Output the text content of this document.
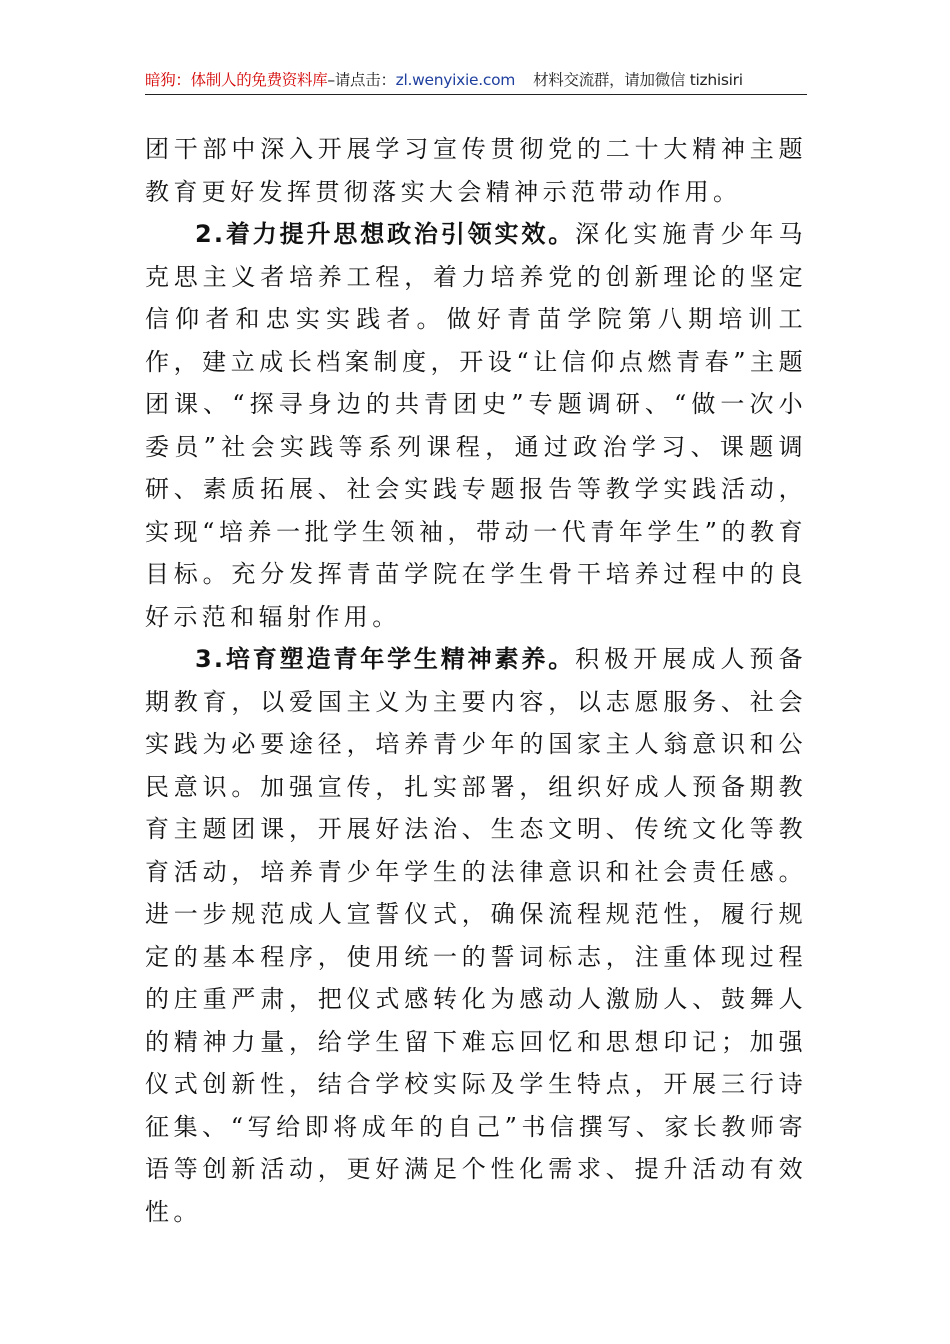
暗狗：体制人的免费资料库–请点击：zl.wenyixie.com 材料交流群，请加微信 tizhisiri

团干部中深入开展学习宣传贯彻党的二十大精神主题教育更好发挥贯彻落实大会精神示范带动作用。

2.着力提升思想政治引领实效。深化实施青少年马克思主义者培养工程，着力培养党的创新理论的坚定信仰者和忠实实践者。做好青苗学院第八期培训工作，建立成长档案制度，开设“让信仰点燃青春”主题团课、“探寻身边的共青团史”专题调研、“做一次小委员”社会实践等系列课程，通过政治学习、课题调研、素质拓展、社会实践专题报告等教学实践活动，实现“培养一批学生领袖，带动一代青年学生”的教育目标。充分发挥青苗学院在学生骨干培养过程中的良好示范和辐射作用。

3.培育塑造青年学生精神素养。积极开展成人预备期教育，以爱国主义为主要内容，以志愿服务、社会实践为必要途径，培养青少年的国家主人翁意识和公民意识。加强宣传，扎实部署，组织好成人预备期教育主题团课，开展好法治、生态文明、传统文化等教育活动，培养青少年学生的法律意识和社会责任感。进一步规范成人宣誓仪式，确保流程规范性，履行规定的基本程序，使用统一的誓词标志，注重体现过程的庄重严肃，把仪式感转化为感动人激励人、鼓舞人的精神力量，给学生留下难忘回忆和思想印记；加强仪式创新性，结合学校实际及学生特点，开展三行诗征集、“写给即将成年的自己”书信撰写、家长教师寄语等创新活动，更好满足个性化需求、提升活动有效性。
